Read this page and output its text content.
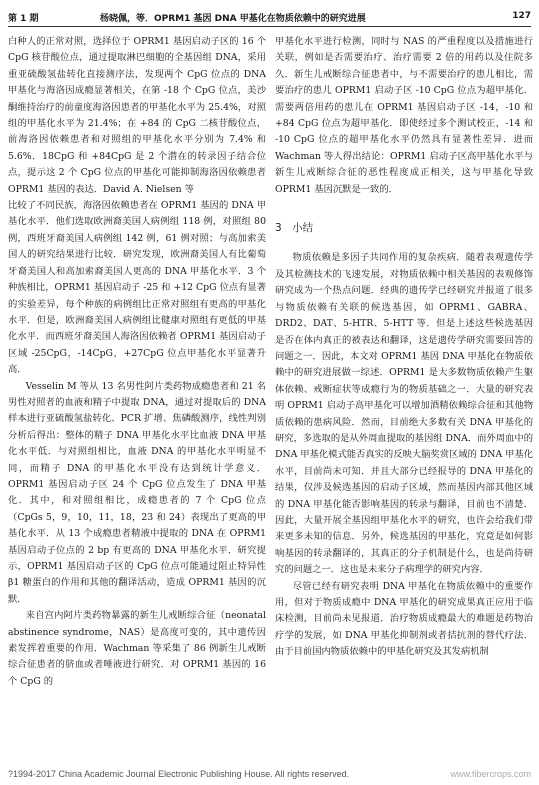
第 1 期	杨晓佩，等．OPRM1 基因 DNA 甲基化在物质依赖中的研究进展	127

白种人的正常对照，选择位于 OPRM1 基因启动子区的 16 个 CpG 核苷酸位点，通过提取淋巴细胞的全基因组 DNA，采用重亚硫酸氢盐转化直接测序法，发现两个 CpG 位点的 DNA 甲基化与海洛因成瘾显著相关，在第 -18 个 CpG 位点，美沙酮维持治疗的前童度海洛因患者的甲基化水平为 25.4%，对照组的甲基化水平为 21.4%；在 +84 的 CpG 二核苷酸位点，前海洛因依赖患者和对照组的甲基化水平分别为 7.4% 和 5.6%．18CpG 和 +84CpG 是 2 个潜在的转录因子结合位点，提示这 2 个 CpG 位点的甲基化可能抑制海洛因依赖患者 OPRM1 基因的表达．David A. Nielsen 等

比较了不同民族，海洛因依赖患者在 OPRM1 基因的 DNA 甲基化水平．他们选取欧洲裔美国人病例组 118 例，对照组 80 例，西班牙裔美国人病例组 142 例，61 例对照；与高加索美国人的研究结果进行比较．研究发现，欧洲裔美国人有比葡萄牙裔美国人和高加索裔美国人更高的 DNA 甲基化水平．3 个种族相比，OPRM1 基因启动子 -25 和 +12 CpG 位点有显著的实验差异，每个种族的病例组比正常对照组有更高的甲基化水平．但是，欧洲裔美国人病例组比健康对照组有更低的甲基化水平．而西班牙裔美国人海洛因依赖者 OPRM1 基因启动子区域 -25CpG，-14CpG，+27CpG 位点甲基化水平显著升高．

Vesselin M 等从 13 名男性阿片类药物成瘾患者和 21 名男性对照者的血液和精子中提取 DNA，通过对提取后的 DNA 样本进行亚硫酸氢盐转化、PCR 扩增、焦磷酸测序，线性判别分析后得出：整体的精子 DNA 甲基化水平比血液 DNA 甲基化水平低．与对照组相比，血液 DNA 的甲基化水平明显不同，而精子 DNA 的甲基化水平没有达到统计学意义．OPRM1 基因启动子区 24 个 CpG 位点发生了 DNA 甲基化．其中，和对照组相比，成瘾患者的 7 个 CpG 位点（CpGs 5，9，10，11，18，23 和 24）表现出了更高的甲基化水平．从 13 个成瘾患者精液中提取的 DNA 在 OPRM1 基因启动子位点的 2 bp 有更高的 DNA 甲基化水平．研究提示，OPRM1 基因启动子区的 CpG 位点可能通过阻止特异性 β1 糖蛋白的作用和其他的翻译活动，造成 OPRM1 基因的沉默．

来自宫内阿片类药物暴露的新生儿戒断综合征（neonatal abstinence syndrome，NAS）是高度可变的，其中遗传因素发挥着重要的作用．Wachman 等采集了 86 例新生儿戒断综合征患者的脐血或者唾液进行研究．对 OPRM1 基因的 16 个 CpG 的

甲基化水平进行检测，同时与 NAS 的严重程度以及措施进行关联，例如是否需要治疗、治疗需要 2 倍的用药以及住院多久．新生儿戒断综合征患者中，与不需要治疗的患儿相比，需要治疗的患儿 OPRM1 启动子区 -10 CpG 位点为超甲基化．需要两倍用药的患儿在 OPRM1 基因启动子区 -14，-10 和 +84 CpG 位点为超甲基化．即使经过多个测试校正，-14 和 -10 CpG 位点的超甲基化水平仍然具有显著性差异．进而 Wachman 等人得出结论：OPRM1 启动子区高甲基化水平与新生儿戒断综合征的恶性程度成正相关，这与甲基化导致 OPRM1 基因沉默是一致的．

3　小结

物质依赖是多因子共同作用的复杂疾病．随着表观遗传学及其检测技术的飞速发展，对物质依赖中相关基因的表观修饰研究成为一个热点问题．经典的遗传学已经研究并报道了很多与物质依赖有关联的候选基因，如 OPRM1、GABRA、DRD2、DAT、5-HTR、5-HTT 等．但是上述这些候选基因是否在体内真正的被表达和翻译，这是遗传学研究需要回答的问题之一．因此，本文对 OPRM1 基因 DNA 甲基化在物质依赖中的研究进展做一综述．OPRM1 是大多数物质依赖产生躯体依赖、戒断症状等成瘾行为的物质基础之一．大量的研究表明 OPRM1 启动子高甲基化可以增加酒精依赖综合征和其他物质依赖的患病风险．然而，目前绝大多数有关 DNA 甲基化的研究，多选取的是从外周血提取的基因组 DNA．而外周血中的 DNA 甲基化模式能否真实的反映大脑奖赏区域的 DNA 甲基化水平，目前尚未可知．并且大部分已经报导的 DNA 甲基化的结果，仅涉及候选基因的启动子区域，然而基因内部其他区域的 DNA 甲基化能否影响基因的转录与翻译，目前也不清楚．因此，大量开展全基因组甲基化水平的研究，也许会给我们带来更多未知的信息．另外，候选基因的甲基化，究竟是如何影响基因的转录翻译的，其真正的分子机制是什么，也是尚待研究的问题之一．这也是未来分子病理学的研究内容．

尽管已经有研究表明 DNA 甲基化在物质依赖中的重要作用，但对于物质成瘾中 DNA 甲基化的研究成果真正应用于临床检测，目前尚未见报道．治疗物质成瘾最大的难题是药物治疗学的发展，如 DNA 甲基化抑制剂或者拮抗剂的替代疗法．由于目前国内物质依赖中的甲基化研究及其发病机制

?1994-2017 China Academic Journal Electronic Publishing House. All rights reserved.	www.fibercrops.com
